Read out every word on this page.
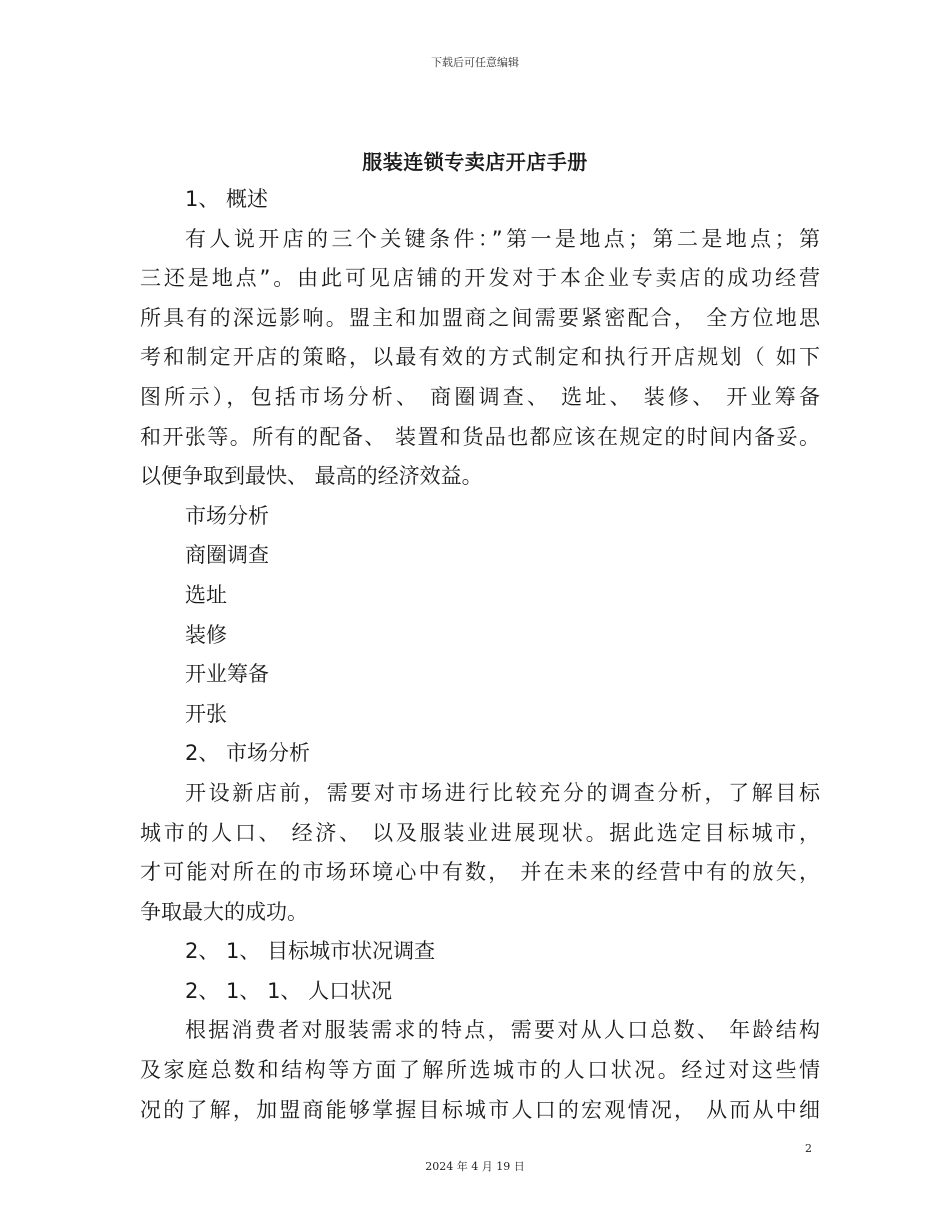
下载后可任意编辑
服装连锁专卖店开店手册
1、 概述
有人说开店的三个关键条件：”第一是地点；第二是地点；第
三还是地点”。由此可见店铺的开发对于本企业专卖店的成功经营
所具有的深远影响。盟主和加盟商之间需要紧密配合， 全方位地思
考和制定开店的策略，以最有效的方式制定和执行开店规划（ 如下
图所示），包括市场分析、 商圈调查、 选址、 装修、 开业筹备
和开张等。所有的配备、 装置和货品也都应该在规定的时间内备妥。
以便争取到最快、 最高的经济效益。
市场分析
商圈调查
选址
装修
开业筹备
开张
2、 市场分析
开设新店前，需要对市场进行比较充分的调查分析，了解目标
城市的人口、 经济、 以及服装业进展现状。据此选定目标城市，
才可能对所在的市场环境心中有数， 并在未来的经营中有的放矢，
争取最大的成功。
2、 1、 目标城市状况调查
2、 1、 1、 人口状况
根据消费者对服装需求的特点，需要对从人口总数、 年龄结构
及家庭总数和结构等方面了解所选城市的人口状况。经过对这些情
况的了解，加盟商能够掌握目标城市人口的宏观情况， 从而从中细
2
2024 年 4 月 19 日
